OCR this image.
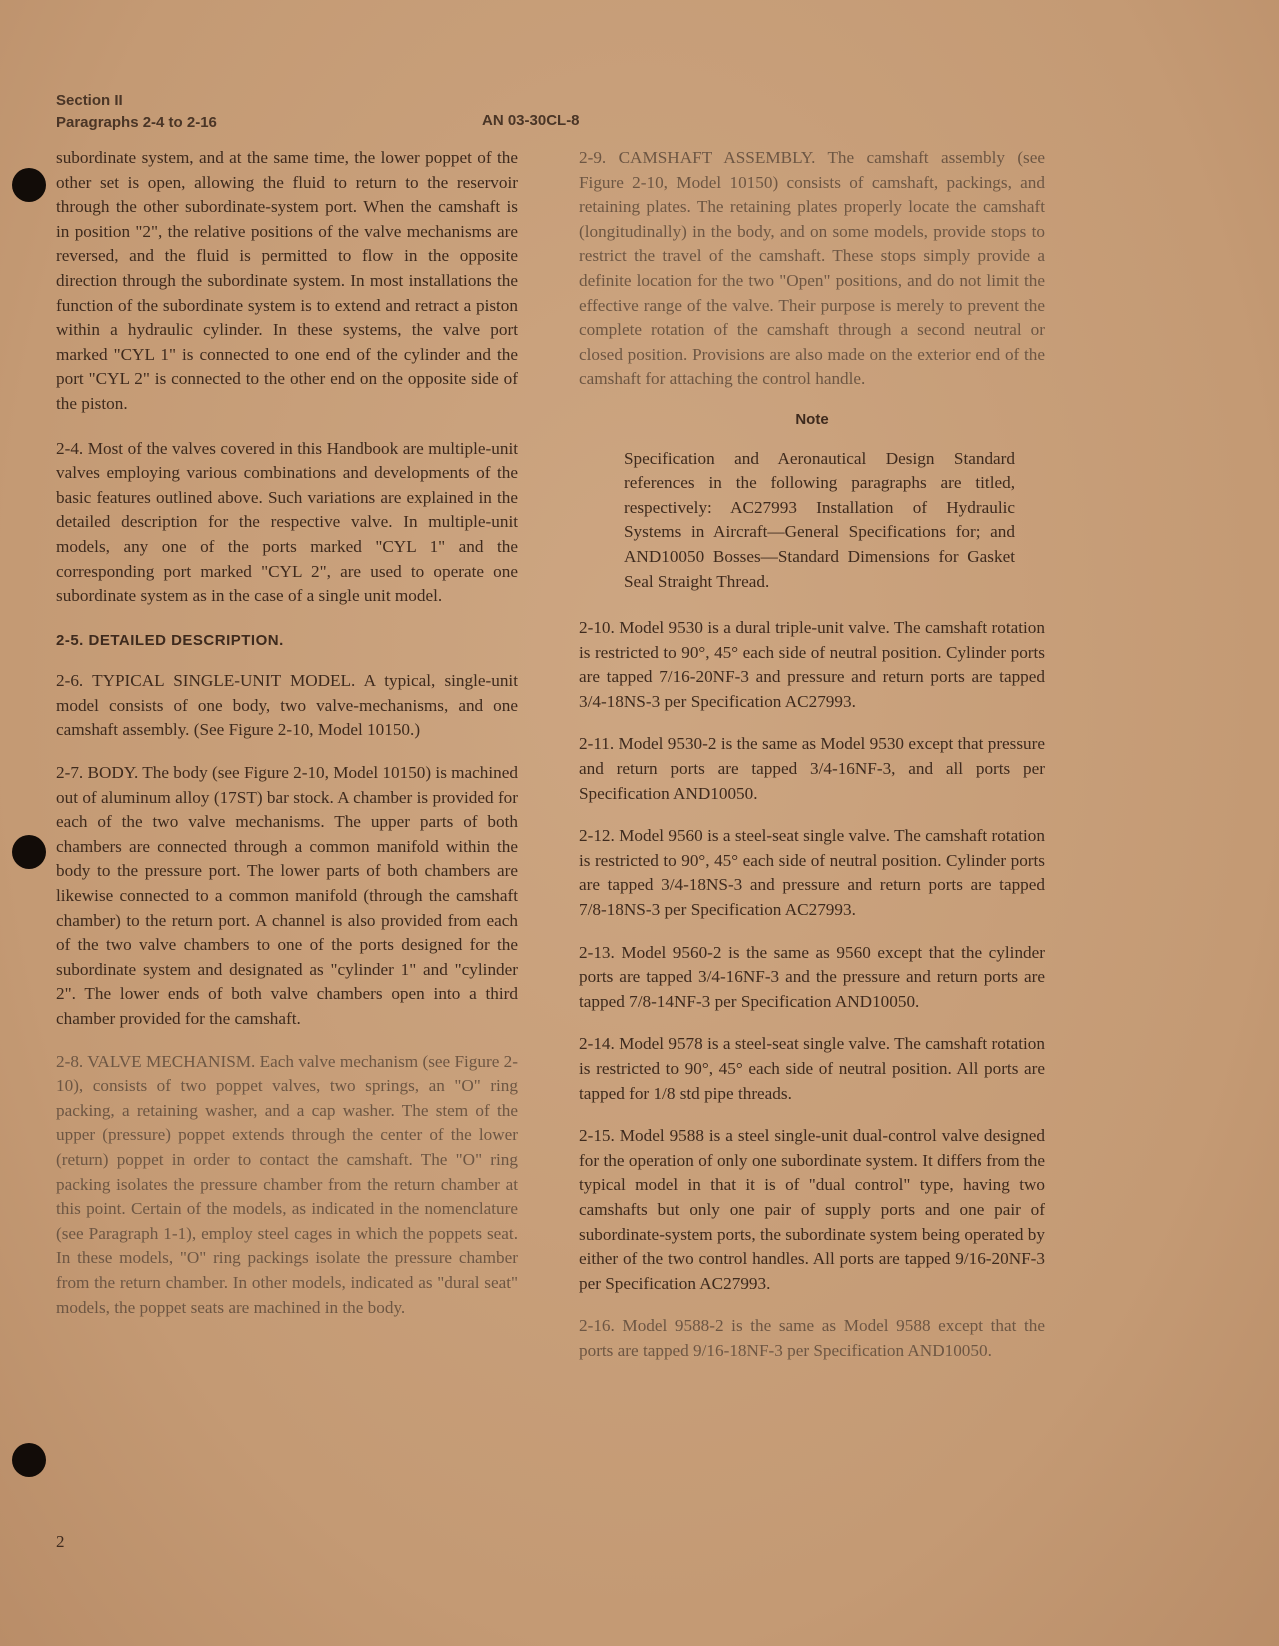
Section II
Paragraphs 2-4 to 2-16	AN 03-30CL-8

subordinate system, and at the same time, the lower poppet of the other set is open, allowing the fluid to return to the reservoir through the other subordinate-system port. When the camshaft is in position "2", the relative positions of the valve mechanisms are reversed, and the fluid is permitted to flow in the opposite direction through the subordinate system. In most installations the function of the subordinate system is to extend and retract a piston within a hydraulic cylinder. In these systems, the valve port marked "CYL 1" is connected to one end of the cylinder and the port "CYL 2" is connected to the other end on the opposite side of the piston.

2-4. Most of the valves covered in this Handbook are multiple-unit valves employing various combinations and developments of the basic features outlined above. Such variations are explained in the detailed description for the respective valve. In multiple-unit models, any one of the ports marked "CYL 1" and the corresponding port marked "CYL 2", are used to operate one subordinate system as in the case of a single unit model.

2-5. DETAILED DESCRIPTION.

2-6. TYPICAL SINGLE-UNIT MODEL. A typical, single-unit model consists of one body, two valve-mechanisms, and one camshaft assembly. (See Figure 2-10, Model 10150.)

2-7. BODY. The body (see Figure 2-10, Model 10150) is machined out of aluminum alloy (17ST) bar stock. A chamber is provided for each of the two valve mechanisms. The upper parts of both chambers are connected through a common manifold within the body to the pressure port. The lower parts of both chambers are likewise connected to a common manifold (through the camshaft chamber) to the return port. A channel is also provided from each of the two valve chambers to one of the ports designed for the subordinate system and designated as "cylinder 1" and "cylinder 2". The lower ends of both valve chambers open into a third chamber provided for the camshaft.

2-8. VALVE MECHANISM. Each valve mechanism (see Figure 2-10), consists of two poppet valves, two springs, an "O" ring packing, a retaining washer, and a cap washer. The stem of the upper (pressure) poppet extends through the center of the lower (return) poppet in order to contact the camshaft. The "O" ring packing isolates the pressure chamber from the return chamber at this point. Certain of the models, as indicated in the nomenclature (see Paragraph 1-1), employ steel cages in which the poppets seat. In these models, "O" ring packings isolate the pressure chamber from the return chamber. In other models, indicated as "dural seat" models, the poppet seats are machined in the body.

2-9. CAMSHAFT ASSEMBLY. The camshaft assembly (see Figure 2-10, Model 10150) consists of camshaft, packings, and retaining plates. The retaining plates properly locate the camshaft (longitudinally) in the body, and on some models, provide stops to restrict the travel of the camshaft. These stops simply provide a definite location for the two "Open" positions, and do not limit the effective range of the valve. Their purpose is merely to prevent the complete rotation of the camshaft through a second neutral or closed position. Provisions are also made on the exterior end of the camshaft for attaching the control handle.

Note

Specification and Aeronautical Design Standard references in the following paragraphs are titled, respectively: AC27993 Installation of Hydraulic Systems in Aircraft—General Specifications for; and AND10050 Bosses—Standard Dimensions for Gasket Seal Straight Thread.

2-10. Model 9530 is a dural triple-unit valve. The camshaft rotation is restricted to 90°, 45° each side of neutral position. Cylinder ports are tapped 7/16-20NF-3 and pressure and return ports are tapped 3/4-18NS-3 per Specification AC27993.

2-11. Model 9530-2 is the same as Model 9530 except that pressure and return ports are tapped 3/4-16NF-3, and all ports per Specification AND10050.

2-12. Model 9560 is a steel-seat single valve. The camshaft rotation is restricted to 90°, 45° each side of neutral position. Cylinder ports are tapped 3/4-18NS-3 and pressure and return ports are tapped 7/8-18NS-3 per Specification AC27993.

2-13. Model 9560-2 is the same as 9560 except that the cylinder ports are tapped 3/4-16NF-3 and the pressure and return ports are tapped 7/8-14NF-3 per Specification AND10050.

2-14. Model 9578 is a steel-seat single valve. The camshaft rotation is restricted to 90°, 45° each side of neutral position. All ports are tapped for 1/8 std pipe threads.

2-15. Model 9588 is a steel single-unit dual-control valve designed for the operation of only one subordinate system. It differs from the typical model in that it is of "dual control" type, having two camshafts but only one pair of supply ports and one pair of subordinate-system ports, the subordinate system being operated by either of the two control handles. All ports are tapped 9/16-20NF-3 per Specification AC27993.

2-16. Model 9588-2 is the same as Model 9588 except that the ports are tapped 9/16-18NF-3 per Specification AND10050.

2
